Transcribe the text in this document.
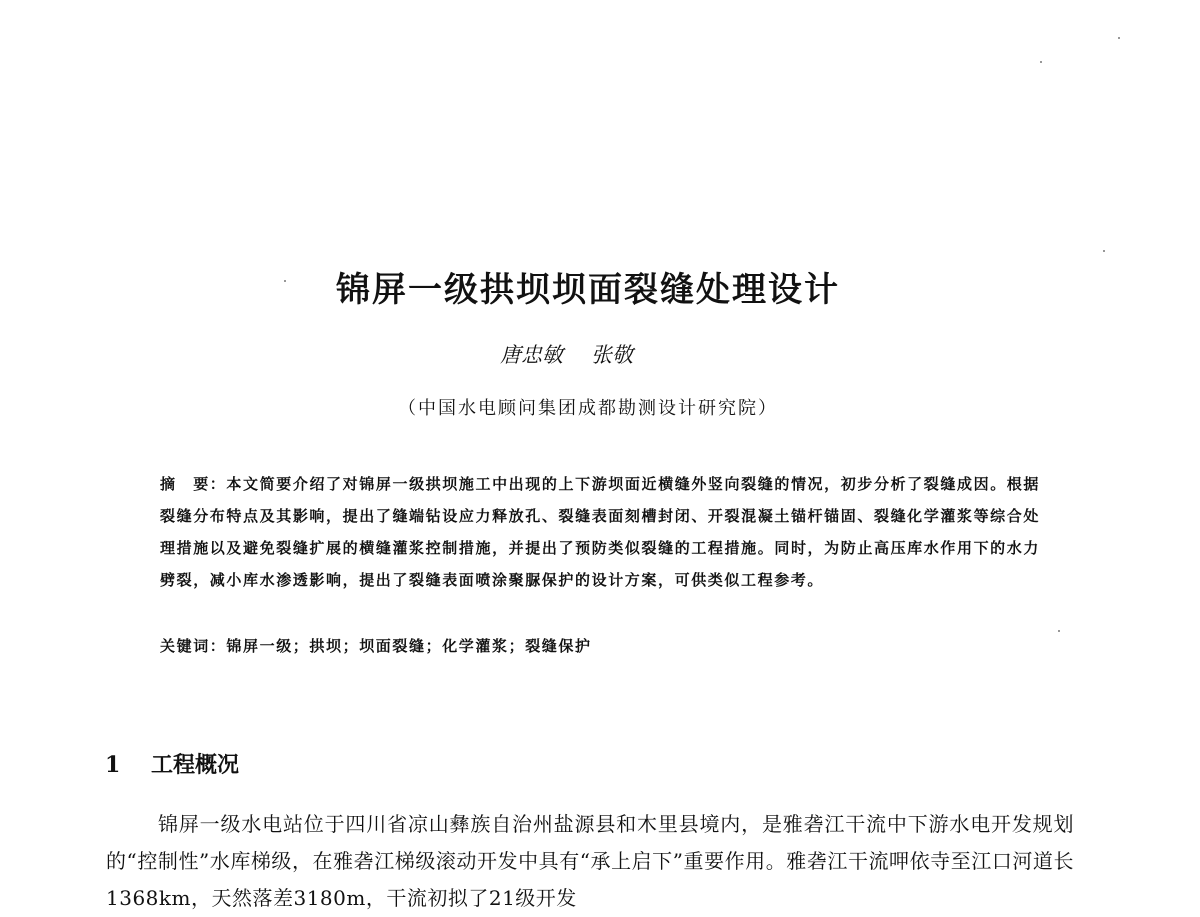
锦屏一级拱坝坝面裂缝处理设计
唐忠敏 张敬
（中国水电顾问集团成都勘测设计研究院）
摘　要：本文简要介绍了对锦屏一级拱坝施工中出现的上下游坝面近横缝外竖向裂缝的情况，初步分析了裂缝成因。根据裂缝分布特点及其影响，提出了缝端钻设应力释放孔、裂缝表面刻槽封闭、开裂混凝土锚杆锚固、裂缝化学灌浆等综合处理措施以及避免裂缝扩展的横缝灌浆控制措施，并提出了预防类似裂缝的工程措施。同时，为防止高压库水作用下的水力劈裂，减小库水渗透影响，提出了裂缝表面喷涂聚脲保护的设计方案，可供类似工程参考。
关键词：锦屏一级；拱坝；坝面裂缝；化学灌浆；裂缝保护
1 工程概况

锦屏一级水电站位于四川省凉山彝族自治州盐源县和木里县境内，是雅砻江干流中下游水电开发规划的“控制性”水库梯级，在雅砻江梯级滚动开发中具有“承上启下”重要作用。雅砻江干流呷依寺至江口河道长1368km，天然落差3180m，干流初拟了21级开发
